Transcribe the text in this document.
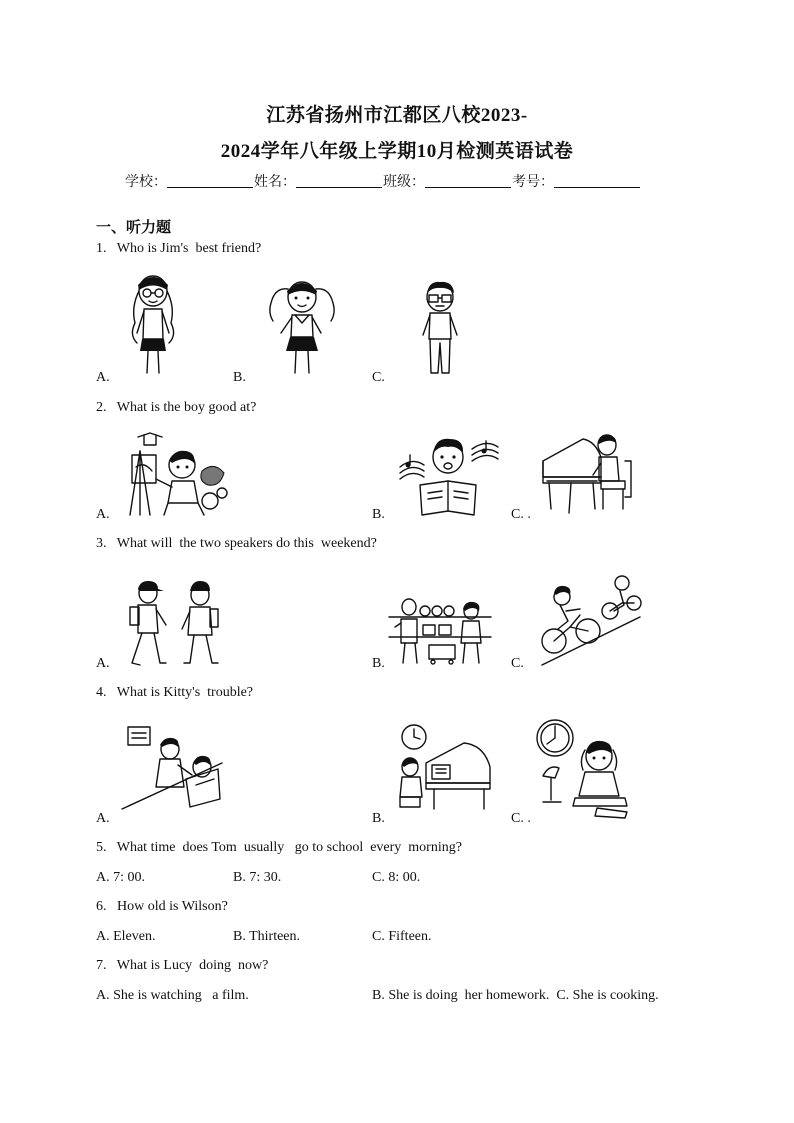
江苏省扬州市江都区八校2023-
2024学年八年级上学期10月检测英语试卷
学校：	姓名：	班级：	考号：
一、听力题
1.   Who is Jim's  best friend?
A.	B.	C.
2.   What is the boy good at?
A.	B.	C. .
3.   What will  the two speakers do this  weekend?
A.	B.	C.
4.   What is Kitty's  trouble?
A.	B.	C. .
5.   What time  does Tom  usually   go to school  every  morning?
A. 7: 00.	B. 7: 30.	C. 8: 00.
6.   How old is Wilson?
A. Eleven.	B. Thirteen.	C. Fifteen.
7.   What is Lucy  doing  now?
A. She is watching   a film.	B. She is doing  her homework.  C. She is cooking.
